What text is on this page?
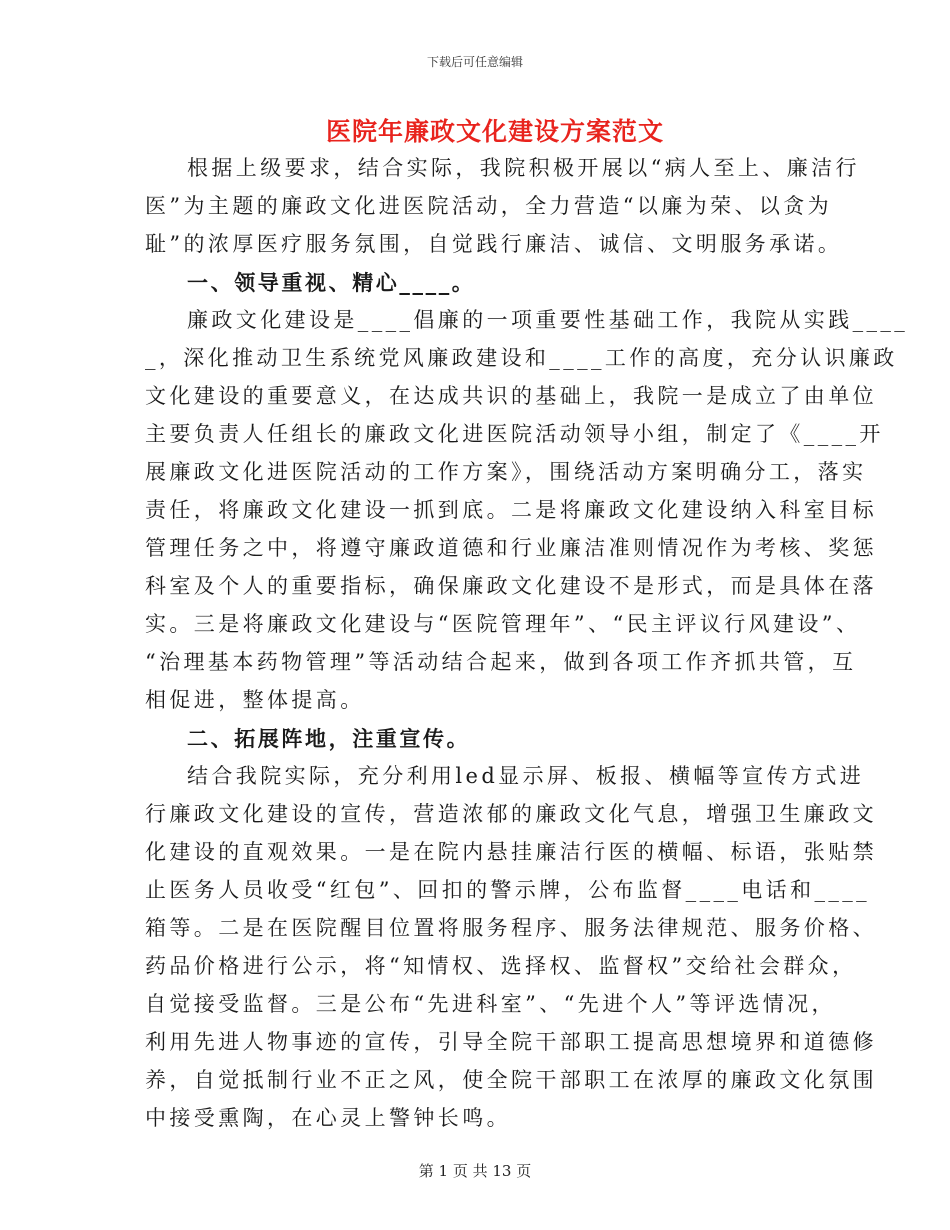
下载后可任意编辑
医院年廉政文化建设方案范文
根据上级要求，结合实际，我院积极开展以“病人至上、廉洁行
医”为主题的廉政文化进医院活动，全力营造“以廉为荣、以贪为
耻”的浓厚医疗服务氛围，自觉践行廉洁、诚信、文明服务承诺。
一、领导重视、精心____。
廉政文化建设是____倡廉的一项重要性基础工作，我院从实践____
_，深化推动卫生系统党风廉政建设和____工作的高度，充分认识廉政
文化建设的重要意义，在达成共识的基础上，我院一是成立了由单位
主要负责人任组长的廉政文化进医院活动领导小组，制定了《____开
展廉政文化进医院活动的工作方案》，围绕活动方案明确分工，落实
责任，将廉政文化建设一抓到底。二是将廉政文化建设纳入科室目标
管理任务之中，将遵守廉政道德和行业廉洁准则情况作为考核、奖惩
科室及个人的重要指标，确保廉政文化建设不是形式，而是具体在落
实。三是将廉政文化建设与“医院管理年”、“民主评议行风建设”、
“治理基本药物管理”等活动结合起来，做到各项工作齐抓共管，互
相促进，整体提高。
二、拓展阵地，注重宣传。
结合我院实际，充分利用led显示屏、板报、横幅等宣传方式进
行廉政文化建设的宣传，营造浓郁的廉政文化气息，增强卫生廉政文
化建设的直观效果。一是在院内悬挂廉洁行医的横幅、标语，张贴禁
止医务人员收受“红包”、回扣的警示牌，公布监督____电话和____
箱等。二是在医院醒目位置将服务程序、服务法律规范、服务价格、
药品价格进行公示，将“知情权、选择权、监督权”交给社会群众，
自觉接受监督。三是公布“先进科室”、“先进个人”等评选情况，
利用先进人物事迹的宣传，引导全院干部职工提高思想境界和道德修
养，自觉抵制行业不正之风，使全院干部职工在浓厚的廉政文化氛围
中接受熏陶，在心灵上警钟长鸣。
第 1 页 共 13 页
